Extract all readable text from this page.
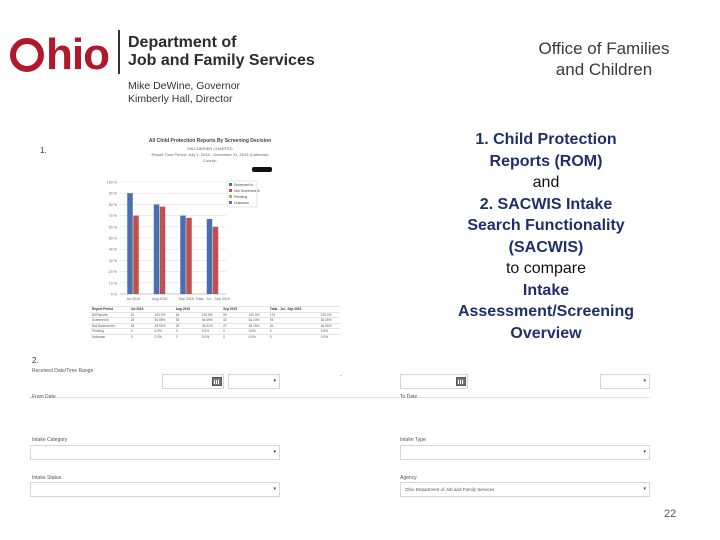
hio Department of
Job and Family Services
Mike DeWine, Governor
Kimberly Hall, Director
Office of Families
and Children
1.
All Child Protection Reports By Screening Decision
MILLS/BRIEN CHARTED
Report Time Period: July 1, 2015 - December 31, 2015 (Calendar)
County:
100 %
90 %
80 %
70 %
60 %
50 %
40 %
30 %
20 %
10 %
0 %
Jul 2015	Aug 2015	Sep 2015 Total - Jul - Sep 2015
Screened In
Not Screened In
Pending
Unknown
Report Period	Jul 2015		Aug 2015		Sep 2015		Total - Jul - Sep 2015	
All Reports	51	100.0%	64	100.0%	59	100.0%	174	100.0%
Screened In	26	50.98%	35	54.69%	32	54.24%	93	53.45%
Not Screened In	25	49.02%	29	45.31%	27	45.76%	81	46.55%
Pending	0	0.0%	0	0.0%	0	0.0%	0	0.0%
Unknown	0	0.0%	0	0.0%	0	0.0%	0	0.0%
2.
Received Date/Time Range
▾
-
▾
From Date	To Date
Intake Category
▾
Intake Type
▾
Intake Status
▾
Agency
Ohio Department of Job and Family Services	▾
1. Child Protection
Reports (ROM)
and
2. SACWIS Intake
Search Functionality
(SACWIS)
to compare
Intake
Assessment/Screening
Overview
22
